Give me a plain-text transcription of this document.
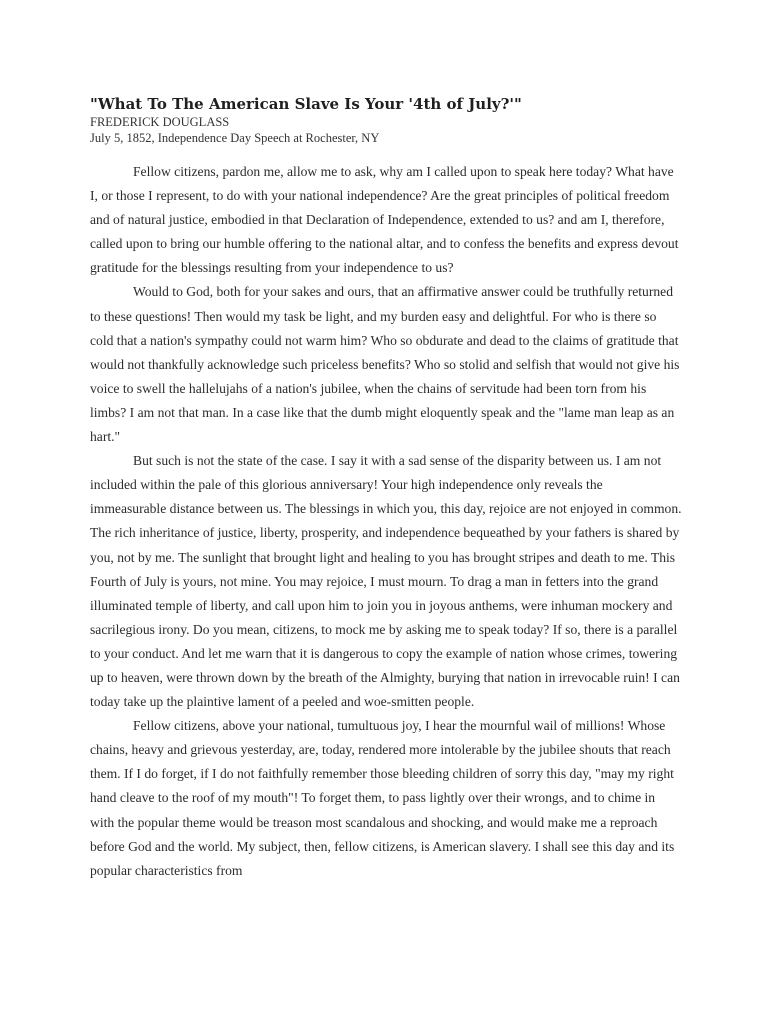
"What To The American Slave Is Your '4th of July?'"

FREDERICK DOUGLASS

July 5, 1852, Independence Day Speech at Rochester, NY

Fellow citizens, pardon me, allow me to ask, why am I called upon to speak here today? What have I, or those I represent, to do with your national independence? Are the great principles of political freedom and of natural justice, embodied in that Declaration of Independence, extended to us? and am I, therefore, called upon to bring our humble offering to the national altar, and to confess the benefits and express devout gratitude for the blessings resulting from your independence to us?

Would to God, both for your sakes and ours, that an affirmative answer could be truthfully returned to these questions! Then would my task be light, and my burden easy and delightful. For who is there so cold that a nation's sympathy could not warm him? Who so obdurate and dead to the claims of gratitude that would not thankfully acknowledge such priceless benefits? Who so stolid and selfish that would not give his voice to swell the hallelujahs of a nation's jubilee, when the chains of servitude had been torn from his limbs? I am not that man. In a case like that the dumb might eloquently speak and the "lame man leap as an hart."

But such is not the state of the case. I say it with a sad sense of the disparity between us. I am not included within the pale of this glorious anniversary! Your high independence only reveals the immeasurable distance between us. The blessings in which you, this day, rejoice are not enjoyed in common. The rich inheritance of justice, liberty, prosperity, and independence bequeathed by your fathers is shared by you, not by me. The sunlight that brought light and healing to you has brought stripes and death to me. This Fourth of July is yours, not mine. You may rejoice, I must mourn. To drag a man in fetters into the grand illuminated temple of liberty, and call upon him to join you in joyous anthems, were inhuman mockery and sacrilegious irony. Do you mean, citizens, to mock me by asking me to speak today? If so, there is a parallel to your conduct. And let me warn that it is dangerous to copy the example of nation whose crimes, towering up to heaven, were thrown down by the breath of the Almighty, burying that nation in irrevocable ruin! I can today take up the plaintive lament of a peeled and woe-smitten people.

Fellow citizens, above your national, tumultuous joy, I hear the mournful wail of millions! Whose chains, heavy and grievous yesterday, are, today, rendered more intolerable by the jubilee shouts that reach them. If I do forget, if I do not faithfully remember those bleeding children of sorry this day, "may my right hand cleave to the roof of my mouth"! To forget them, to pass lightly over their wrongs, and to chime in with the popular theme would be treason most scandalous and shocking, and would make me a reproach before God and the world. My subject, then, fellow citizens, is American slavery. I shall see this day and its popular characteristics from
